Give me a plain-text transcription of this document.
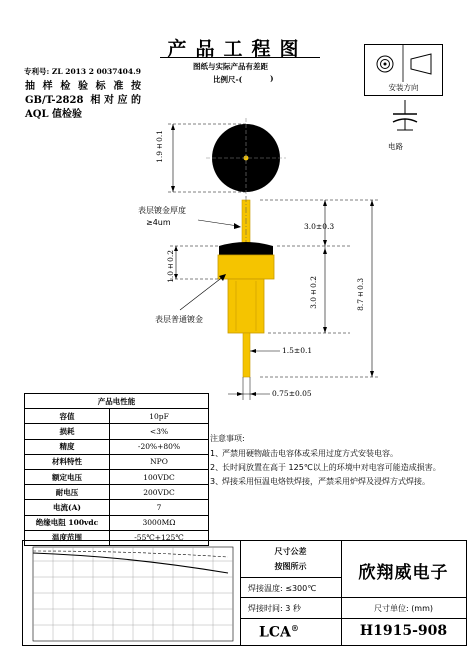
产品工程图
专利号: ZL 2013 2 0037404.9
抽 样 检 验 标 准 按
GB/T-2828 相对应的
AQL 值检验
图纸与实际产品有差距
比例尺-(	)
安装方向
电路
表层镀金厚度
≥4um
表层普通镀金
1.9±0.1
3.0±0.3
1.0±0.2
3.0±0.2	8.7±0.3
1.5±0.1
0.75±0.05
产品电性能	
容值	10pF
损耗	<3%
精度	-20%+80%
材料特性	NPO
额定电压	100VDC
耐电压	200VDC
电流(A)	7
绝缘电阻 100vdc	3000MΩ
温度范围	-55℃+125℃
注意事项:
1、
严禁用硬物敲击电容体或采用过度方式安装电容。
2、
长时间放置在高于 125℃以上的环境中对电容可能造成损害。
3、
焊接采用恒温电烙铁焊接，严禁采用炉焊及浸焊方式焊接。
尺寸公差
按图所示
焊接温度: ≤300℃
焊接时间: 3 秒
欣翔威电子
尺寸单位: (mm)
LCA®	H1915-908
